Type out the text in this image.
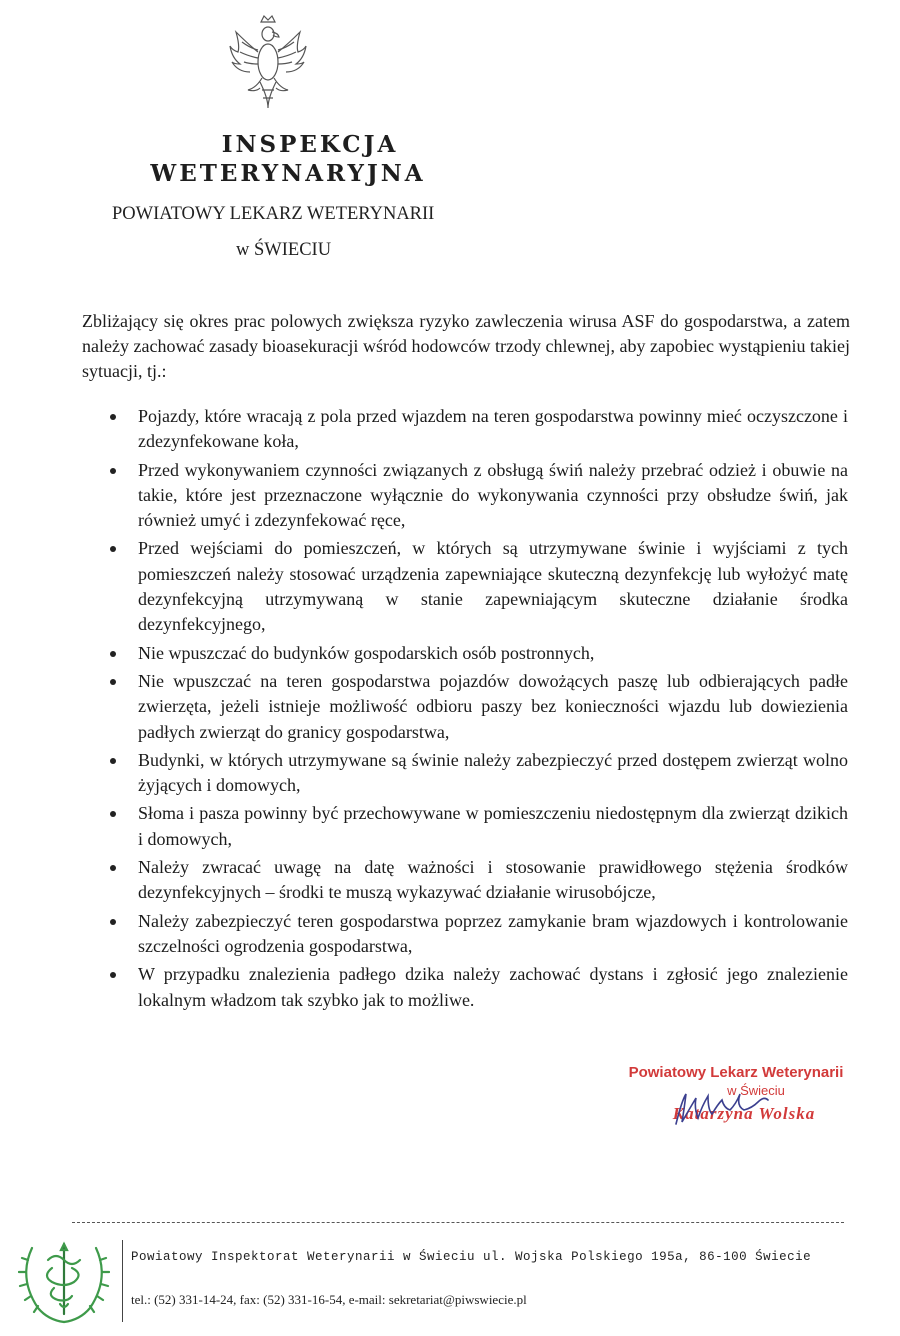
INSPEKCJA
WETERYNARYJNA
POWIATOWY LEKARZ WETERYNARII
w ŚWIECIU

Zbliżający się okres prac polowych zwiększa ryzyko zawleczenia wirusa ASF do gospodarstwa, a zatem należy zachować zasady bioasekuracji wśród hodowców trzody chlewnej, aby zapobiec wystąpieniu takiej sytuacji, tj.:

Pojazdy, które wracają z pola przed wjazdem na teren gospodarstwa powinny mieć oczyszczone i zdezynfekowane koła,
Przed wykonywaniem czynności związanych z obsługą świń należy przebrać odzież i obuwie na takie, które jest przeznaczone wyłącznie do wykonywania czynności przy obsłudze świń, jak również umyć i zdezynfekować ręce,
Przed wejściami do pomieszczeń, w których są utrzymywane świnie i wyjściami z tych pomieszczeń należy stosować urządzenia zapewniające skuteczną dezynfekcję lub wyłożyć matę dezynfekcyjną utrzymywaną w stanie zapewniającym skuteczne działanie środka dezynfekcyjnego,
Nie wpuszczać do budynków gospodarskich osób postronnych,
Nie wpuszczać na teren gospodarstwa pojazdów dowożących paszę lub odbierających padłe zwierzęta, jeżeli istnieje możliwość odbioru paszy bez konieczności wjazdu lub dowiezienia padłych zwierząt do granicy gospodarstwa,
Budynki, w których utrzymywane są świnie należy zabezpieczyć przed dostępem zwierząt wolno żyjących i domowych,
Słoma i pasza powinny być przechowywane w pomieszczeniu niedostępnym dla zwierząt dzikich i domowych,
Należy zwracać uwagę na datę ważności i stosowanie prawidłowego stężenia środków dezynfekcyjnych – środki te muszą wykazywać działanie wirusobójcze,
Należy zabezpieczyć teren gospodarstwa poprzez zamykanie bram wjazdowych i kontrolowanie szczelności ogrodzenia gospodarstwa,
W przypadku znalezienia padłego dzika należy zachować dystans i zgłosić jego znalezienie lokalnym władzom tak szybko jak to możliwe.
Powiatowy Lekarz Weterynarii
w Świeciu
Katarzyna Wolska
Powiatowy Inspektorat Weterynarii w Świeciu ul. Wojska Polskiego 195a, 86-100 Świecie
tel.: (52) 331-14-24, fax: (52) 331-16-54, e-mail: sekretariat@piwswiecie.pl
